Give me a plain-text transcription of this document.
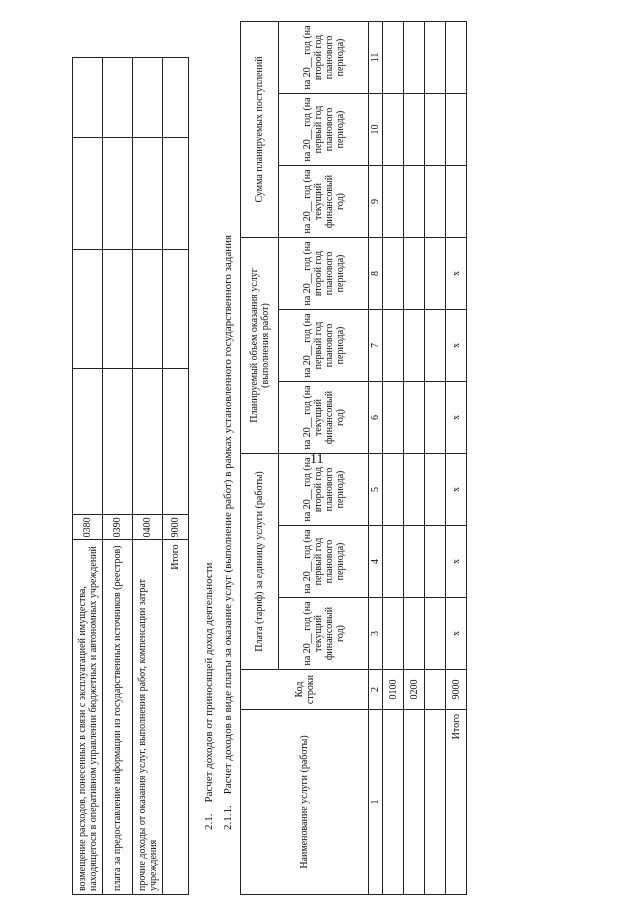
11
возмещение расходов, понесенных в связи с эксплуатацией имущества, находящегося в оперативном управлении бюджетных и автономных учреждений	0380				
плата за предоставление информации из государственных источников (реестров)	0390				
прочие доходы от оказания услуг, выполнения работ, компенсации затрат учреждения	0400				
Итого	9000				
2.1.    Расчет доходов от приносящей доход деятельности
2.1.1.    Расчет доходов в виде платы за оказание услуг (выполнение работ) в рамках установленного государственного задания
Наименование услуги (работы)	Код строки	Плата (тариф) за единицу услуги (работы)			Планируемый объем оказания услуг (выполнения работ)			Сумма планируемых поступлений		
		на 20__ год (на текущий финансовый год)	на 20__ год (на первый год планового периода)	на 20__ год (на второй год планового периода)	на 20__ год (на текущий финансовый год)	на 20__ год (на первый год планового периода)	на 20__ год (на второй год планового периода)	на 20__ год (на текущий финансовый год)	на 20__ год (на первый год планового периода)	на 20__ год (на второй год планового периода)
1	2	3	4	5	6	7	8	9	10	11
	0100									
	0200									

Итого	9000	x	x	x	x	x	x			
